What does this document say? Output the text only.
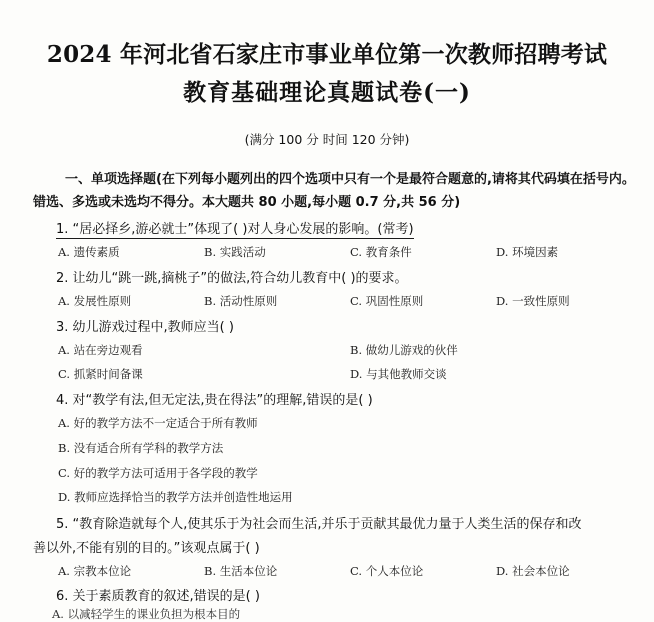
2024 年河北省石家庄市事业单位第一次教师招聘考试
教育基础理论真题试卷(一)
(满分 100 分 时间 120 分钟)
一、单项选择题(在下列每小题列出的四个选项中只有一个是最符合题意的,请将其代码填在括号内。错选、多选或未选均不得分。本大题共 80 小题,每小题 0.7 分,共 56 分)
1. “居必择乡,游必就士”体现了( )对人身心发展的影响。(常考)
A. 遗传素质	B. 实践活动	C. 教育条件	D. 环境因素
2. 让幼儿“跳一跳,摘桃子”的做法,符合幼儿教育中( )的要求。
A. 发展性原则	B. 活动性原则	C. 巩固性原则	D. 一致性原则
3. 幼儿游戏过程中,教师应当( )
A. 站在旁边观看	B. 做幼儿游戏的伙伴
C. 抓紧时间备课	D. 与其他教师交谈
4. 对“教学有法,但无定法,贵在得法”的理解,错误的是( )
A. 好的教学方法不一定适合于所有教师
B. 没有适合所有学科的教学方法
C. 好的教学方法可适用于各学段的教学
D. 教师应选择恰当的教学方法并创造性地运用
5. “教育除造就每个人,使其乐于为社会而生活,并乐于贡献其最优力量于人类生活的保存和改
善以外,不能有别的目的。”该观点属于( )
A. 宗教本位论	B. 生活本位论	C. 个人本位论	D. 社会本位论
6. 关于素质教育的叙述,错误的是( )
A. 以减轻学生的课业负担为根本目的
